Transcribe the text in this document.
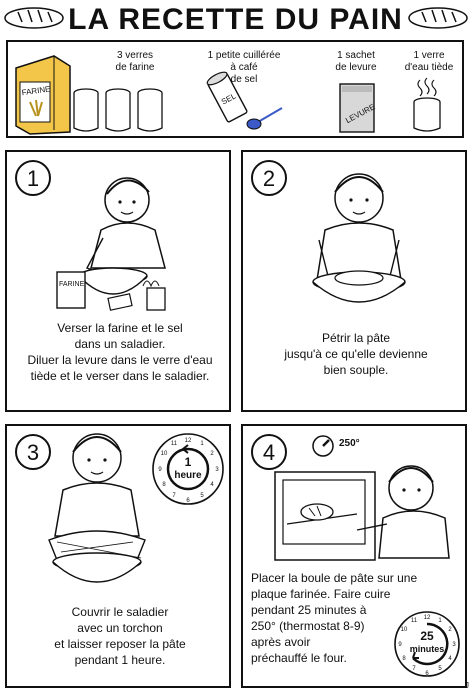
LA RECETTE DU PAIN
3 verres
de farine
FARINE
1 petite cuillérée
à café
de sel
SEL
1 sachet
de levure
LEVURE
1 verre
d'eau tiède
1
FARINE
Verser la farine et le sel
dans un saladier.
Diluer la levure dans le verre d'eau
tiède et le verser dans le saladier.
2
Pétrir la pâte
jusqu'à ce qu'elle devienne
bien souple.
3	12 1
2
3
4
5
6
7
8
9
10
11
1
heure
Couvrir le saladier
avec un torchon
et laisser reposer la pâte
pendant 1 heure.
4	250°
Placer la boule de pâte sur une
plaque farinée. Faire cuire
pendant 25 minutes à
250° (thermostat 8-9)
après avoir
préchauffé le four.
12 1
2
3
4
5
6
7
8
9
10
11
25
minutes
J
